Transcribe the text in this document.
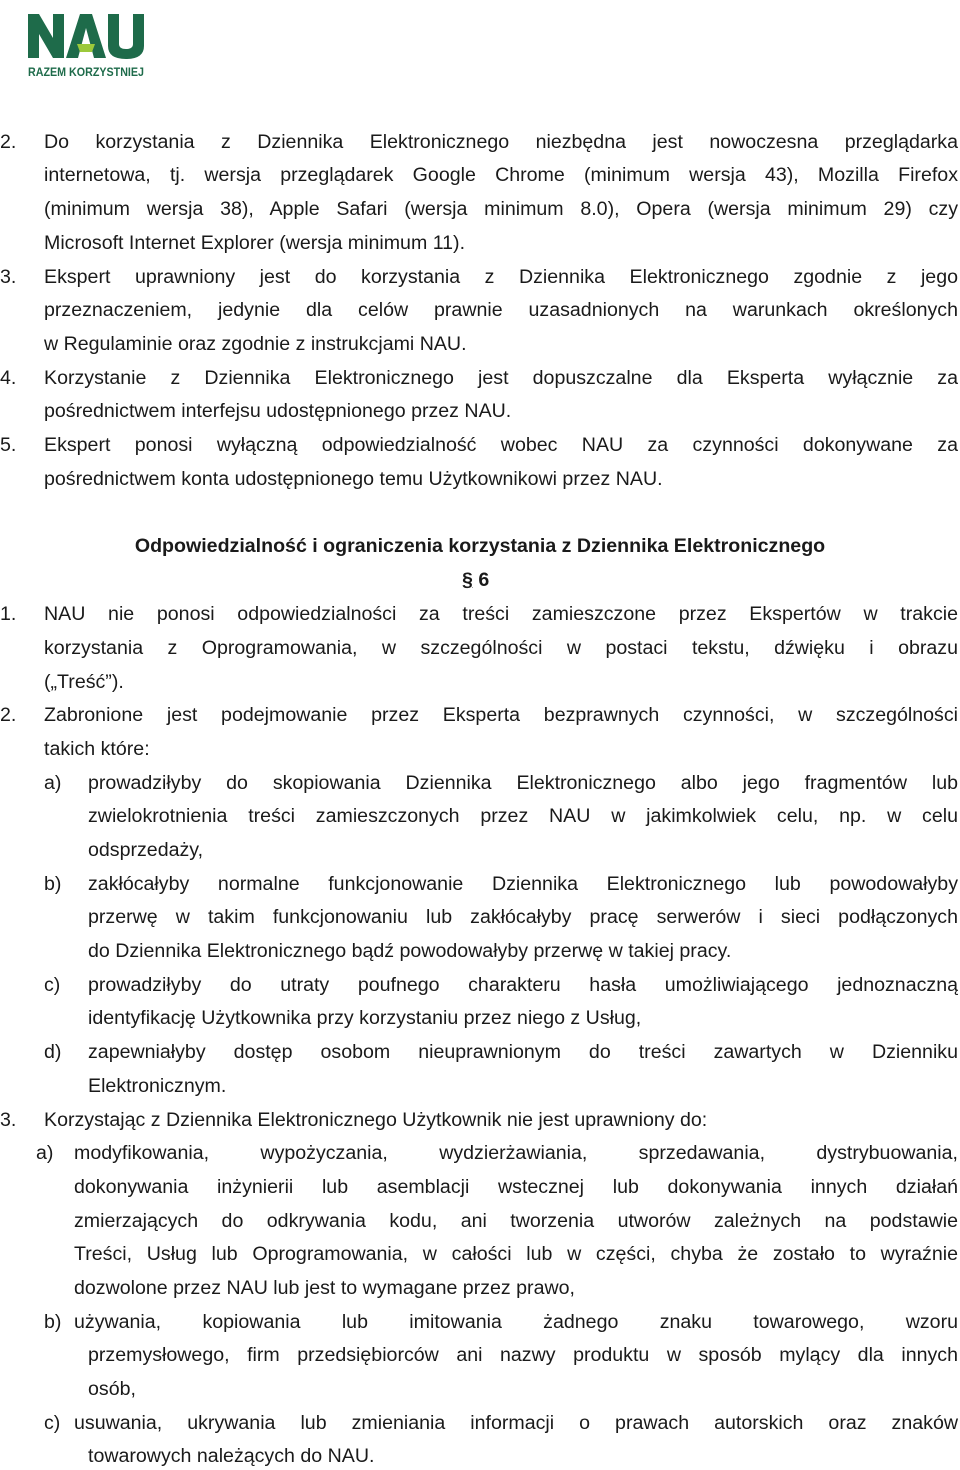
RAZEM KORZYSTNIEJ
2. Do korzystania z Dziennika Elektronicznego niezbędna jest nowoczesna przeglądarka
internetowa, tj. wersja przeglądarek Google Chrome (minimum wersja 43), Mozilla Firefox
(minimum wersja 38), Apple Safari (wersja minimum 8.0), Opera (wersja minimum 29) czy
Microsoft Internet Explorer (wersja minimum 11).
3. Ekspert uprawniony jest do korzystania z Dziennika Elektronicznego zgodnie z jego
przeznaczeniem, jedynie dla celów prawnie uzasadnionych na warunkach określonych
w Regulaminie oraz zgodnie z instrukcjami NAU.
4. Korzystanie z Dziennika Elektronicznego jest dopuszczalne dla Eksperta wyłącznie za
pośrednictwem interfejsu udostępnionego przez NAU.
5. Ekspert ponosi wyłączną odpowiedzialność wobec NAU za czynności dokonywane za
pośrednictwem konta udostępnionego temu Użytkownikowi przez NAU.
Odpowiedzialność i ograniczenia korzystania z Dziennika Elektronicznego
§ 6
1. NAU nie ponosi odpowiedzialności za treści zamieszczone przez Ekspertów w trakcie
korzystania z Oprogramowania, w szczególności w postaci tekstu, dźwięku i obrazu
(„Treść”).
2. Zabronione jest podejmowanie przez Eksperta bezprawnych czynności, w szczególności
takich które:
a) prowadziłyby do skopiowania Dziennika Elektronicznego albo jego fragmentów lub
zwielokrotnienia treści zamieszczonych przez NAU w jakimkolwiek celu, np. w celu
odsprzedaży,
b) zakłócałyby normalne funkcjonowanie Dziennika Elektronicznego lub powodowałyby
przerwę w takim funkcjonowaniu lub zakłócałyby pracę serwerów i sieci podłączonych
do Dziennika Elektronicznego bądź powodowałyby przerwę w takiej pracy.
c) prowadziłyby do utraty poufnego charakteru hasła umożliwiającego jednoznaczną
identyfikację Użytkownika przy korzystaniu przez niego z Usług,
d) zapewniałyby dostęp osobom nieuprawnionym do treści zawartych w Dzienniku
Elektronicznym.
3. Korzystając z Dziennika Elektronicznego Użytkownik nie jest uprawniony do:
a) modyfikowania, wypożyczania, wydzierżawiania, sprzedawania, dystrybuowania,
dokonywania inżynierii lub asemblacji wstecznej lub dokonywania innych działań
zmierzających do odkrywania kodu, ani tworzenia utworów zależnych na podstawie
Treści, Usług lub Oprogramowania, w całości lub w części, chyba że zostało to wyraźnie
dozwolone przez NAU lub jest to wymagane przez prawo,
b) używania, kopiowania lub imitowania żadnego znaku towarowego, wzoru
przemysłowego, firm przedsiębiorców ani nazwy produktu w sposób mylący dla innych
osób,
c) usuwania, ukrywania lub zmieniania informacji o prawach autorskich oraz znaków
towarowych należących do NAU.
